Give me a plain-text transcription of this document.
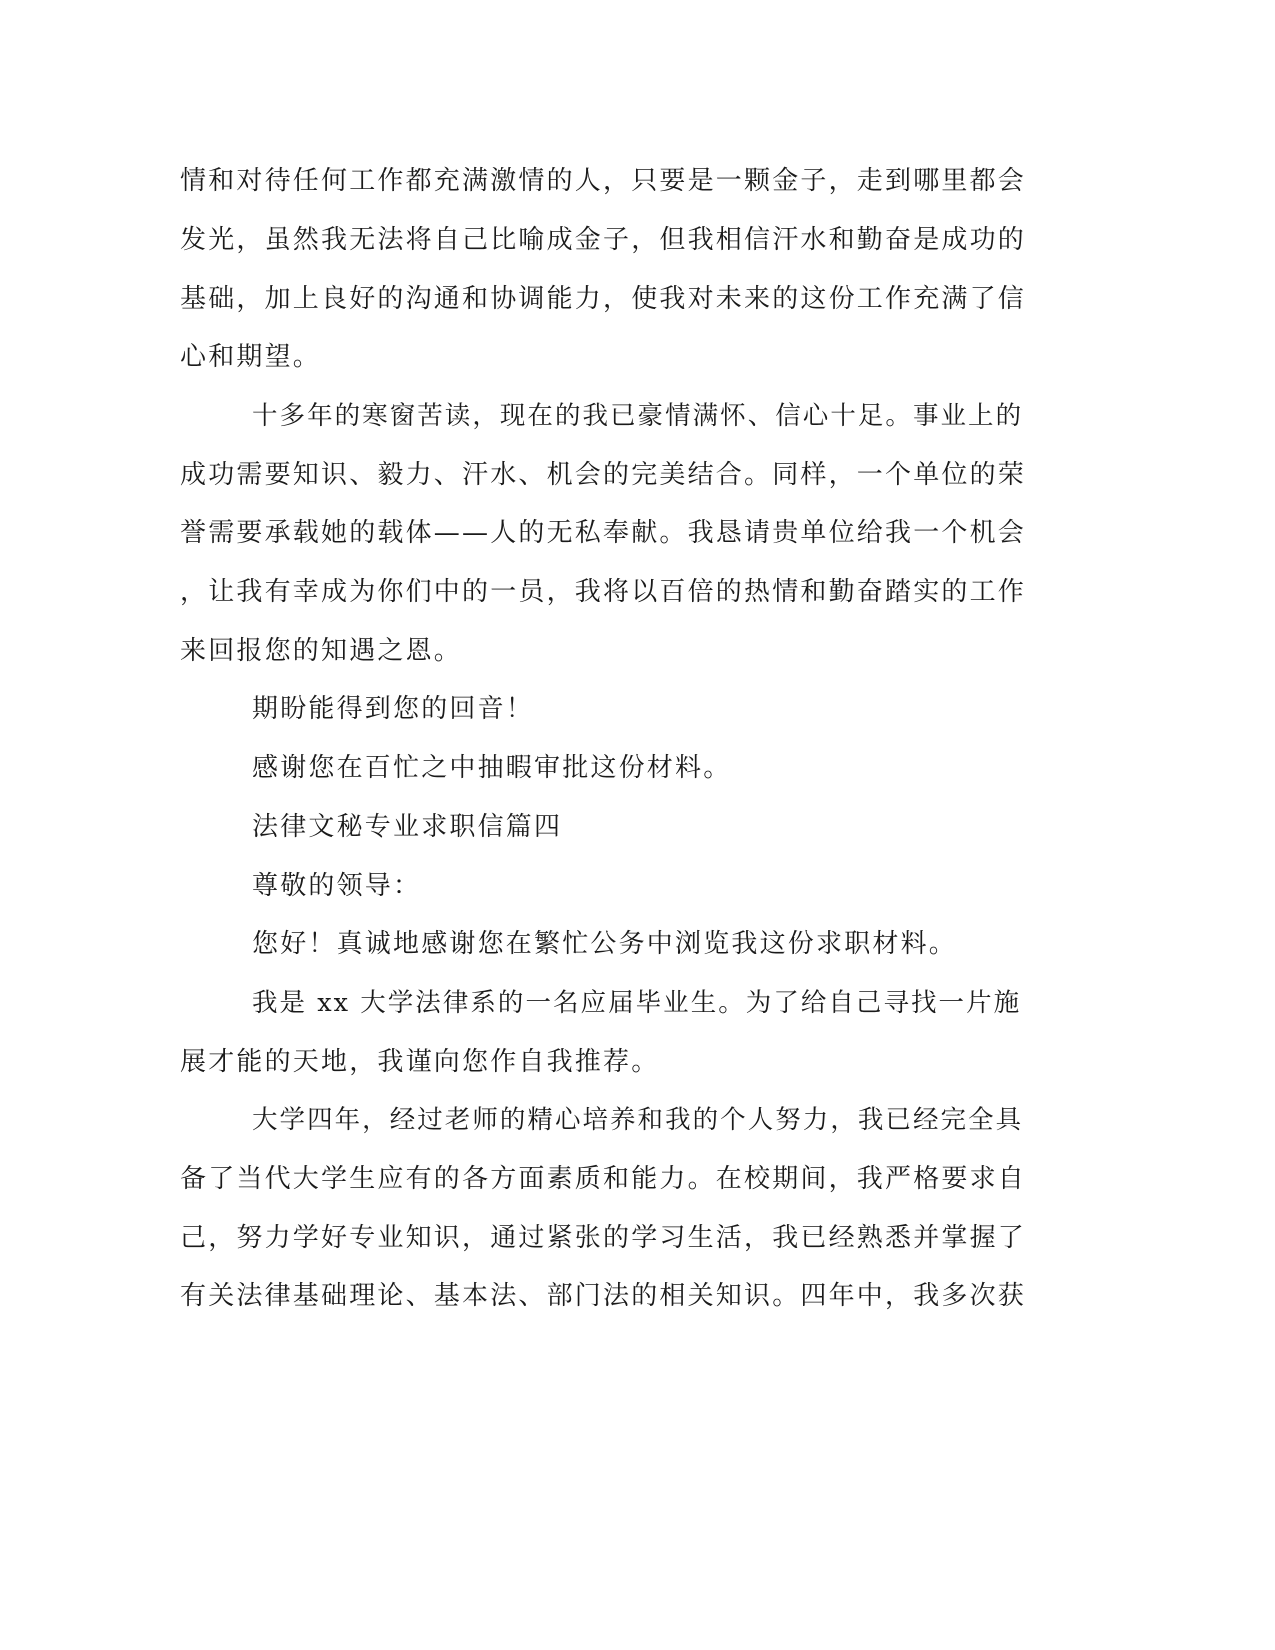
情和对待任何工作都充满激情的人，只要是一颗金子，走到哪里都会
发光，虽然我无法将自己比喻成金子，但我相信汗水和勤奋是成功的
基础，加上良好的沟通和协调能力，使我对未来的这份工作充满了信
心和期望。
十多年的寒窗苦读，现在的我已豪情满怀、信心十足。事业上的
成功需要知识、毅力、汗水、机会的完美结合。同样，一个单位的荣
誉需要承载她的载体——人的无私奉献。我恳请贵单位给我一个机会
，让我有幸成为你们中的一员，我将以百倍的热情和勤奋踏实的工作
来回报您的知遇之恩。
期盼能得到您的回音！
感谢您在百忙之中抽暇审批这份材料。
法律文秘专业求职信篇四
尊敬的领导：
您好！真诚地感谢您在繁忙公务中浏览我这份求职材料。
我是 xx 大学法律系的一名应届毕业生。为了给自己寻找一片施
展才能的天地，我谨向您作自我推荐。
大学四年，经过老师的精心培养和我的个人努力，我已经完全具
备了当代大学生应有的各方面素质和能力。在校期间，我严格要求自
己，努力学好专业知识，通过紧张的学习生活，我已经熟悉并掌握了
有关法律基础理论、基本法、部门法的相关知识。四年中，我多次获
